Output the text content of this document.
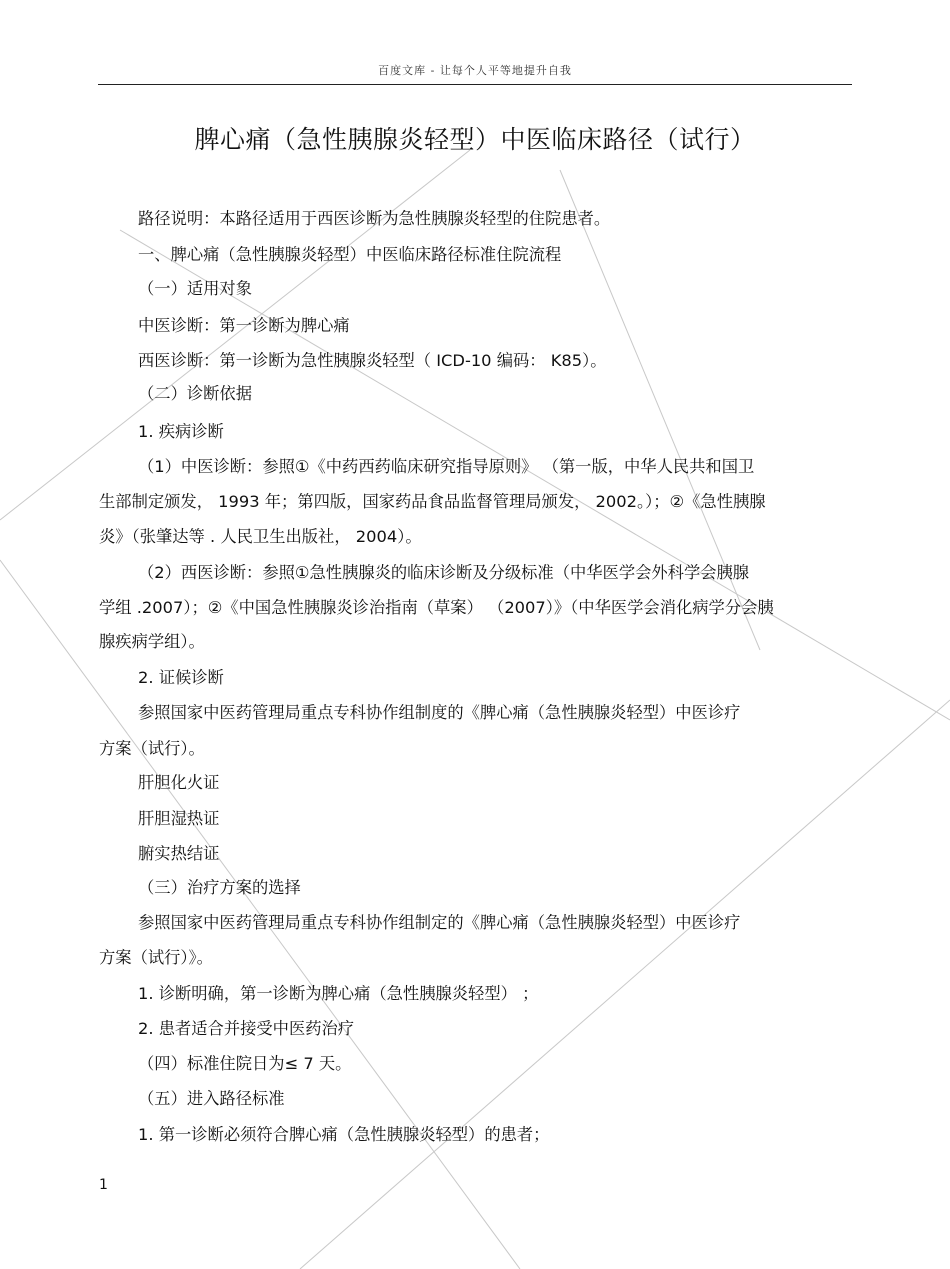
百度文库 - 让每个人平等地提升自我
脾心痛（急性胰腺炎轻型）中医临床路径（试行）
路径说明：本路径适用于西医诊断为急性胰腺炎轻型的住院患者。
一、脾心痛（急性胰腺炎轻型）中医临床路径标准住院流程
（一）适用对象
中医诊断：第一诊断为脾心痛
西医诊断：第一诊断为急性胰腺炎轻型（ ICD-10 编码： K85）。
（二）诊断依据
1. 疾病诊断
（1）中医诊断：参照①《中药西药临床研究指导原则》 （第一版，中华人民共和国卫
生部制定颁发， 1993 年；第四版，国家药品食品监督管理局颁发， 2002。）；②《急性胰腺
炎》（张肇达等 . 人民卫生出版社， 2004）。
（2）西医诊断：参照①急性胰腺炎的临床诊断及分级标准（中华医学会外科学会胰腺
学组 .2007）；②《中国急性胰腺炎诊治指南（草案） （2007）》（中华医学会消化病学分会胰
腺疾病学组）。
2. 证候诊断
参照国家中医药管理局重点专科协作组制度的《脾心痛（急性胰腺炎轻型）中医诊疗
方案（试行）。
肝胆化火证
肝胆湿热证
腑实热结证
（三）治疗方案的选择
参照国家中医药管理局重点专科协作组制定的《脾心痛（急性胰腺炎轻型）中医诊疗
方案（试行）》。
1. 诊断明确，第一诊断为脾心痛（急性胰腺炎轻型） ；
2. 患者适合并接受中医药治疗
（四）标准住院日为≤ 7 天。
（五）进入路径标准
1. 第一诊断必须符合脾心痛（急性胰腺炎轻型）的患者；
1
